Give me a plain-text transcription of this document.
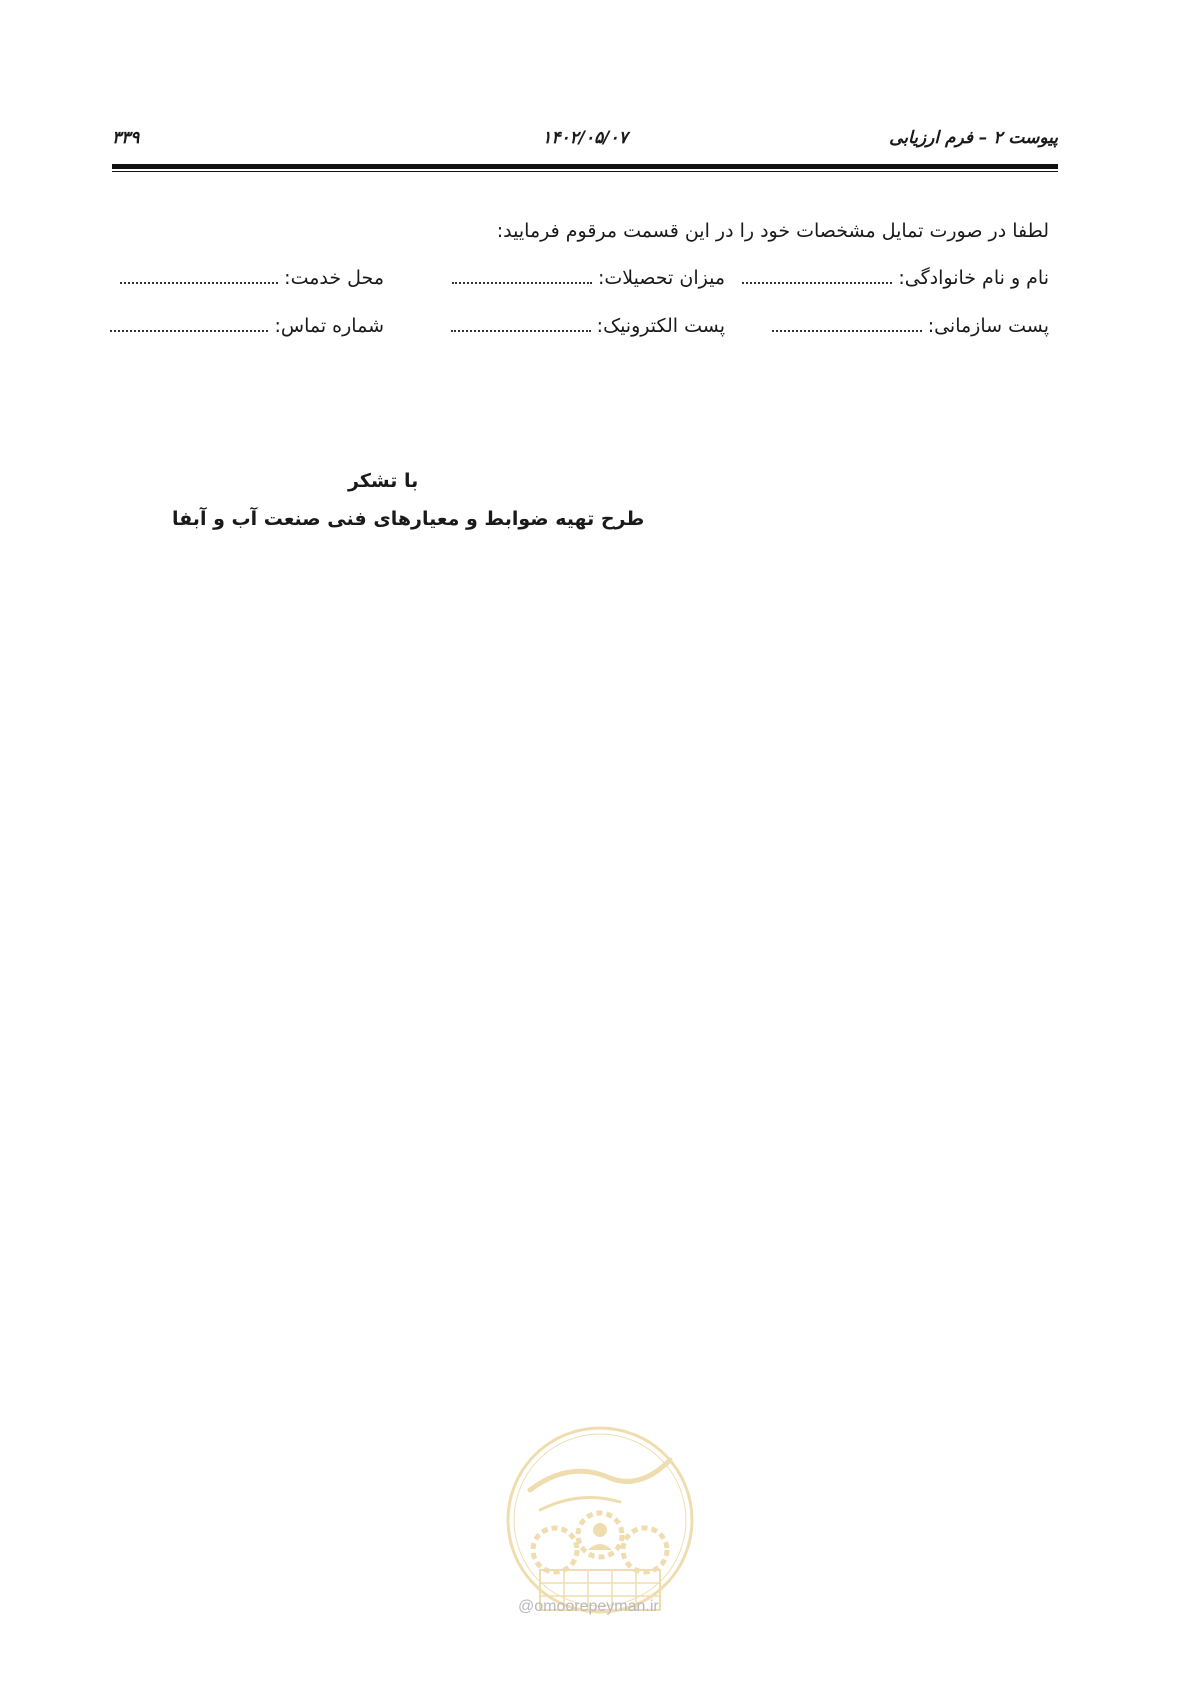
۳۳۹	۱۴۰۲/۰۵/۰۷	پیوست ۲ – فرم ارزیابی
لطفا در صورت تمایل مشخصات خود را در این قسمت مرقوم فرمایید:
نام و نام خانوادگی:
میزان تحصیلات:
محل خدمت:
پست سازمانی:
پست الکترونیک:
شماره تماس:
با تشکر
طرح تهیه ضوابط و معیارهای فنی صنعت آب و آبفا
@omoorepeyman.ir
